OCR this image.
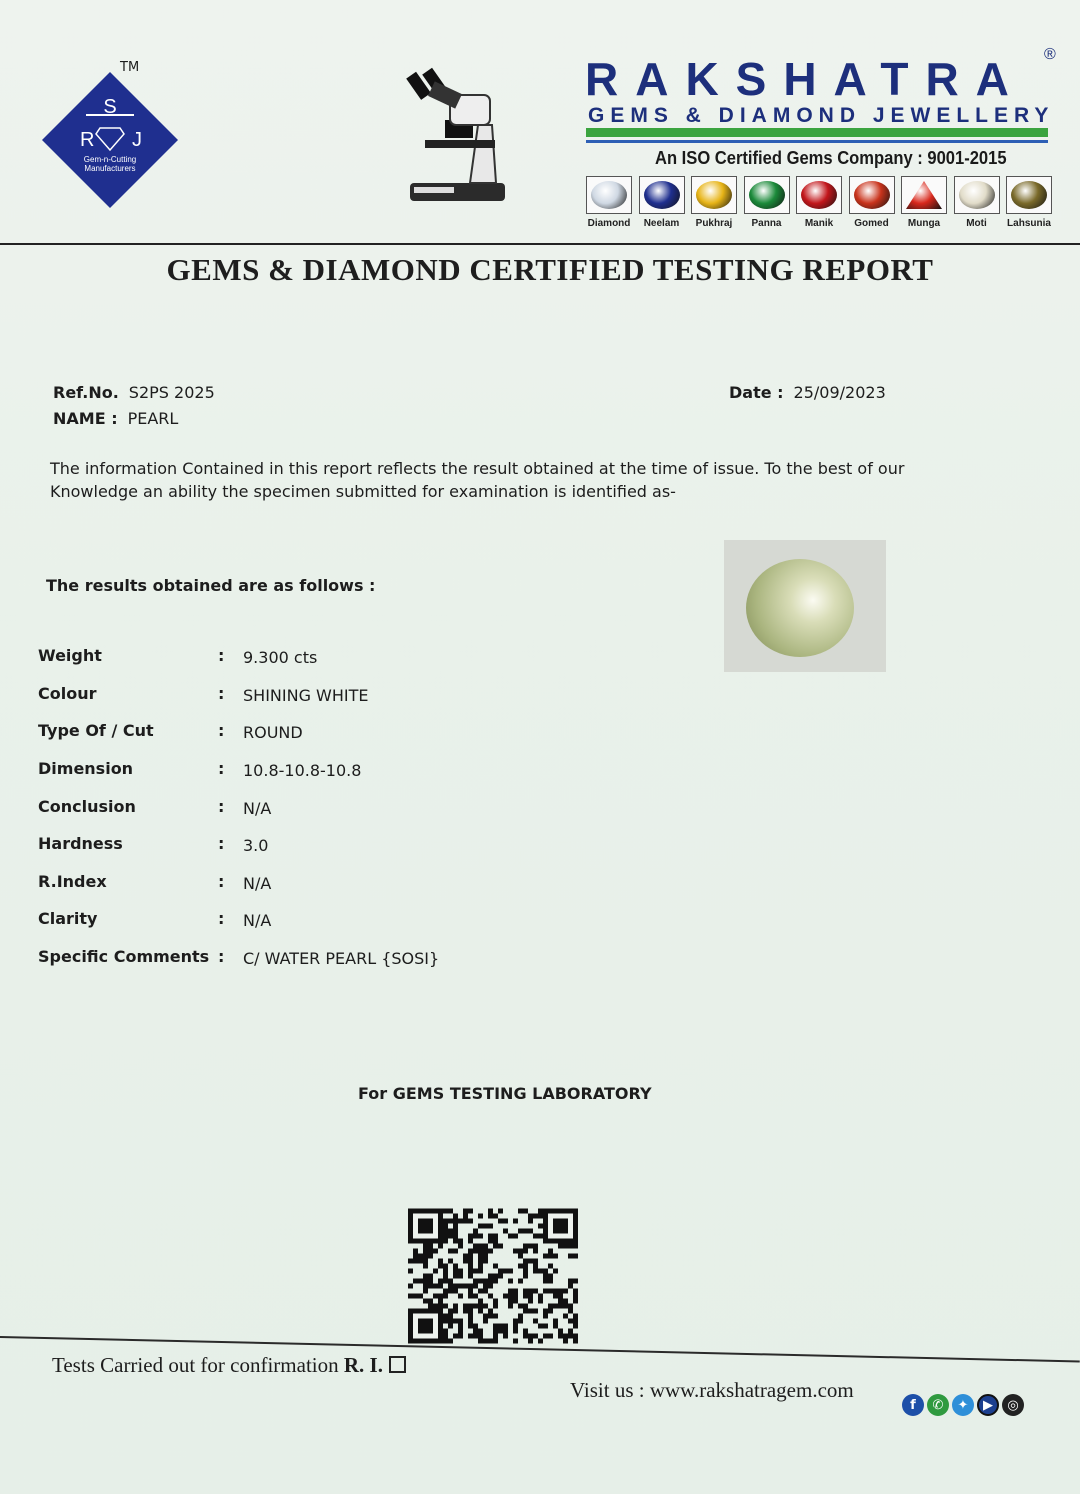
S
R J
Gem-n-Cutting
Manufacturers
TM	RAKSHATRA ®
GEMS & DIAMOND JEWELLERY
An ISO Certified Gems Company : 9001-2015
Diamond Neelam Pukhraj Panna Manik Gomed Munga	Moti Lahsunia
GEMS & DIAMOND CERTIFIED TESTING REPORT
Ref.No. S2PS 2025
NAME : PEARL
Date : 25/09/2023
The information Contained in this report reflects the result obtained at the time of issue. To the best of our Knowledge an ability the specimen submitted for examination is identified as-
The results obtained are as follows :
Weight	: 9.300 cts
Colour	: SHINING WHITE
Type Of / Cut	: ROUND
Dimension	: 10.8-10.8-10.8
Conclusion	: N/A
Hardness	: 3.0
R.Index	: N/A
Clarity	: N/A
Specific Comments : C/ WATER PEARL {SOSI}
For GEMS TESTING LABORATORY
Tests Carried out for confirmation R. I.
Visit us : www.rakshatragem.com
f	✆	✦	▶	◎
